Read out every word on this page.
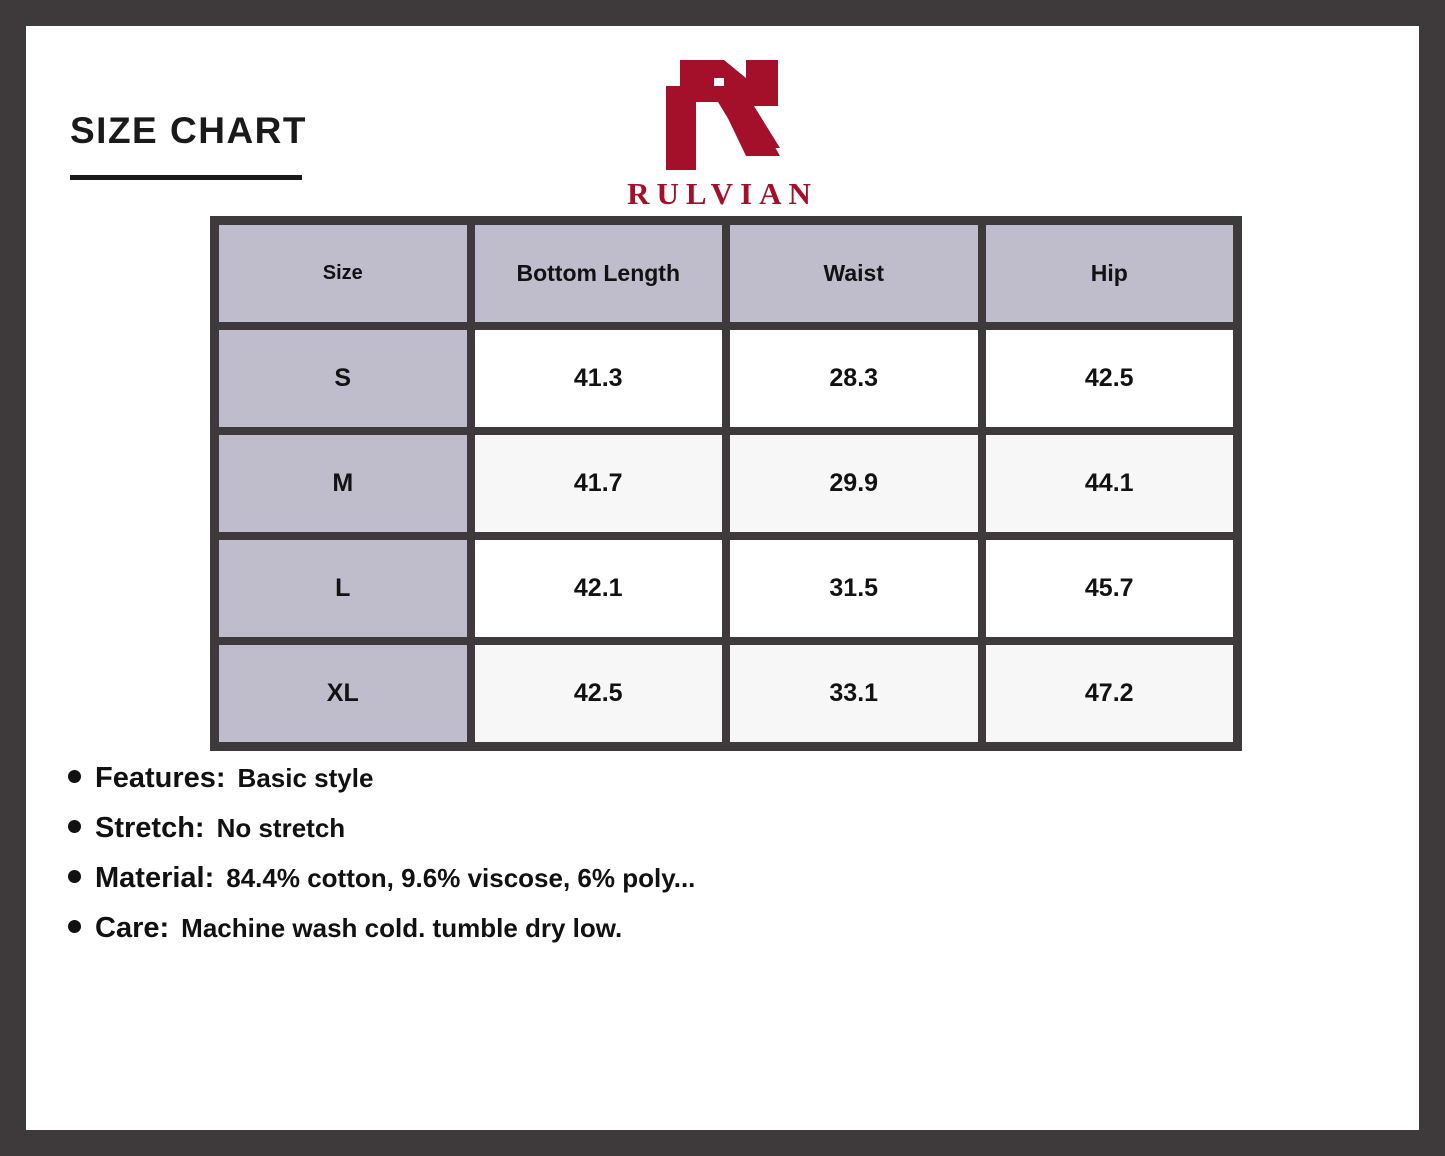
SIZE CHART
RULVIAN
Size	Bottom Length	Waist	Hip
S	41.3	28.3	42.5
M	41.7	29.9	44.1
L	42.1	31.5	45.7
XL	42.5	33.1	47.2
Features: Basic style
Stretch: No stretch
Material: 84.4% cotton, 9.6% viscose, 6% poly...
Care: Machine wash cold. tumble dry low.
